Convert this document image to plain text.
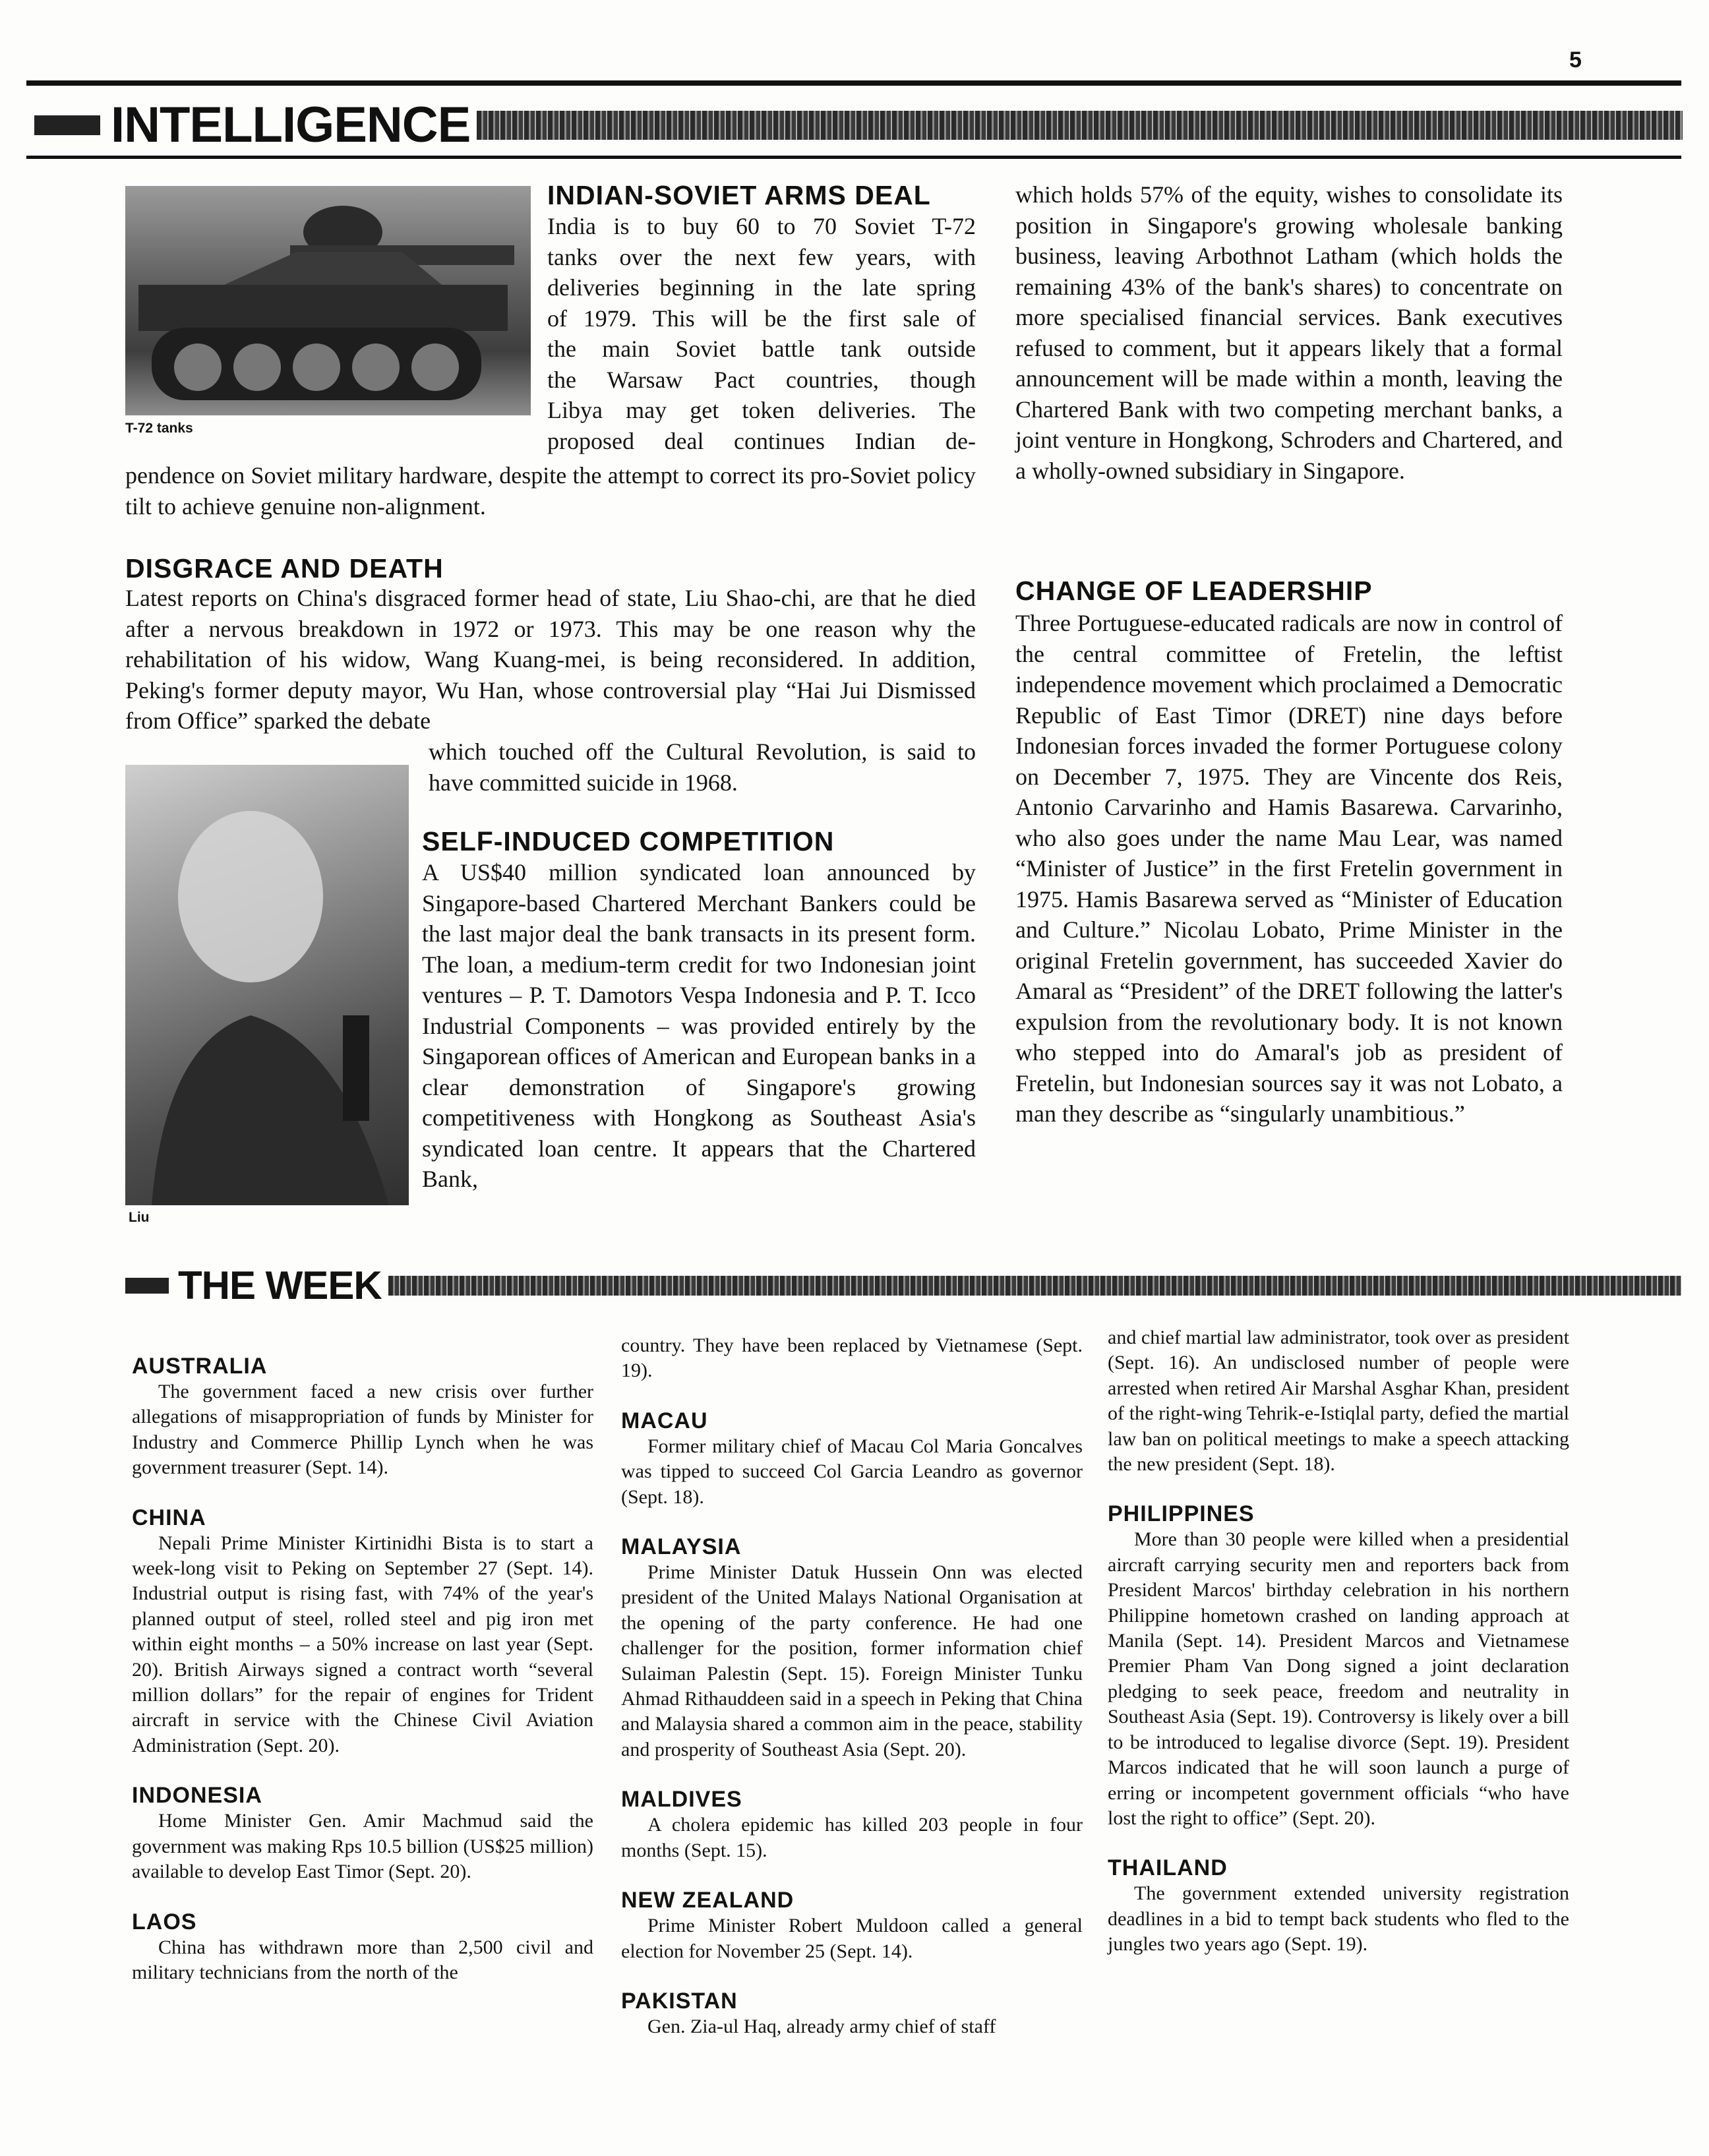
5
INTELLIGENCE
T-72 tanks
INDIAN-SOVIET ARMS DEAL
India is to buy 60 to 70 Soviet T-72
tanks over the next few years, with
deliveries beginning in the late spring
of 1979. This will be the first sale of
the main Soviet battle tank outside
the Warsaw Pact countries, though
Libya may get token deliveries. The
proposed deal continues Indian de-

pendence on Soviet military hardware, despite the attempt to correct its pro-Soviet policy tilt to achieve genuine non-alignment.

DISGRACE AND DEATH

Latest reports on China's disgraced former head of state, Liu Shao-chi, are that he died after a nervous breakdown in 1972 or 1973. This may be one reason why the rehabilitation of his widow, Wang Kuang-mei, is being reconsidered. In addition, Peking's former deputy mayor, Wu Han, whose controversial play “Hai Jui Dismissed from Office” sparked the debate

which touched off the Cultural Revolution, is said to have committed suicide in 1968.

Liu
SELF-INDUCED COMPETITION

A US$40 million syndicated loan announced by Singapore-based Chartered Merchant Bankers could be the last major deal the bank transacts in its present form. The loan, a medium-term credit for two Indonesian joint ventures – P. T. Damotors Vespa Indonesia and P. T. Icco Industrial Components – was provided entirely by the Singaporean offices of American and European banks in a clear demonstration of Singapore's growing competitiveness with Hongkong as Southeast Asia's syndicated loan centre. It appears that the Chartered Bank,

which holds 57% of the equity, wishes to consolidate its position in Singapore's growing wholesale banking business, leaving Arbothnot Latham (which holds the remaining 43% of the bank's shares) to concentrate on more specialised financial services. Bank executives refused to comment, but it appears likely that a formal announcement will be made within a month, leaving the Chartered Bank with two competing merchant banks, a joint venture in Hongkong, Schroders and Chartered, and a wholly-owned subsidiary in Singapore.

CHANGE OF LEADERSHIP

Three Portuguese-educated radicals are now in control of the central committee of Fretelin, the leftist independence movement which proclaimed a Democratic Republic of East Timor (DRET) nine days before Indonesian forces invaded the former Portuguese colony on December 7, 1975. They are Vincente dos Reis, Antonio Carvarinho and Hamis Basarewa. Carvarinho, who also goes under the name Mau Lear, was named “Minister of Justice” in the first Fretelin government in 1975. Hamis Basarewa served as “Minister of Education and Culture.” Nicolau Lobato, Prime Minister in the original Fretelin government, has succeeded Xavier do Amaral as “President” of the DRET following the latter's expulsion from the revolutionary body. It is not known who stepped into do Amaral's job as president of Fretelin, but Indonesian sources say it was not Lobato, a man they describe as “singularly unambitious.”

THE WEEK
AUSTRALIA

The government faced a new crisis over further allegations of misappropriation of funds by Minister for Industry and Commerce Phillip Lynch when he was government treasurer (Sept. 14).

CHINA

Nepali Prime Minister Kirtinidhi Bista is to start a week-long visit to Peking on September 27 (Sept. 14). Industrial output is rising fast, with 74% of the year's planned output of steel, rolled steel and pig iron met within eight months – a 50% increase on last year (Sept. 20). British Airways signed a contract worth “several million dollars” for the repair of engines for Trident aircraft in service with the Chinese Civil Aviation Administration (Sept. 20).

INDONESIA

Home Minister Gen. Amir Machmud said the government was making Rps 10.5 billion (US$25 million) available to develop East Timor (Sept. 20).

LAOS

China has withdrawn more than 2,500 civil and military technicians from the north of the

country. They have been replaced by Vietnamese (Sept. 19).

MACAU

Former military chief of Macau Col Maria Goncalves was tipped to succeed Col Garcia Leandro as governor (Sept. 18).

MALAYSIA

Prime Minister Datuk Hussein Onn was elected president of the United Malays National Organisation at the opening of the party conference. He had one challenger for the position, former information chief Sulaiman Palestin (Sept. 15). Foreign Minister Tunku Ahmad Rithauddeen said in a speech in Peking that China and Malaysia shared a common aim in the peace, stability and prosperity of Southeast Asia (Sept. 20).

MALDIVES

A cholera epidemic has killed 203 people in four months (Sept. 15).

NEW ZEALAND

Prime Minister Robert Muldoon called a general election for November 25 (Sept. 14).

PAKISTAN

Gen. Zia-ul Haq, already army chief of staff

and chief martial law administrator, took over as president (Sept. 16). An undisclosed number of people were arrested when retired Air Marshal Asghar Khan, president of the right-wing Tehrik-e-Istiqlal party, defied the martial law ban on political meetings to make a speech attacking the new president (Sept. 18).

PHILIPPINES

More than 30 people were killed when a presidential aircraft carrying security men and reporters back from President Marcos' birthday celebration in his northern Philippine hometown crashed on landing approach at Manila (Sept. 14). President Marcos and Vietnamese Premier Pham Van Dong signed a joint declaration pledging to seek peace, freedom and neutrality in Southeast Asia (Sept. 19). Controversy is likely over a bill to be introduced to legalise divorce (Sept. 19). President Marcos indicated that he will soon launch a purge of erring or incompetent government officials “who have lost the right to office” (Sept. 20).

THAILAND

The government extended university registration deadlines in a bid to tempt back students who fled to the jungles two years ago (Sept. 19).
